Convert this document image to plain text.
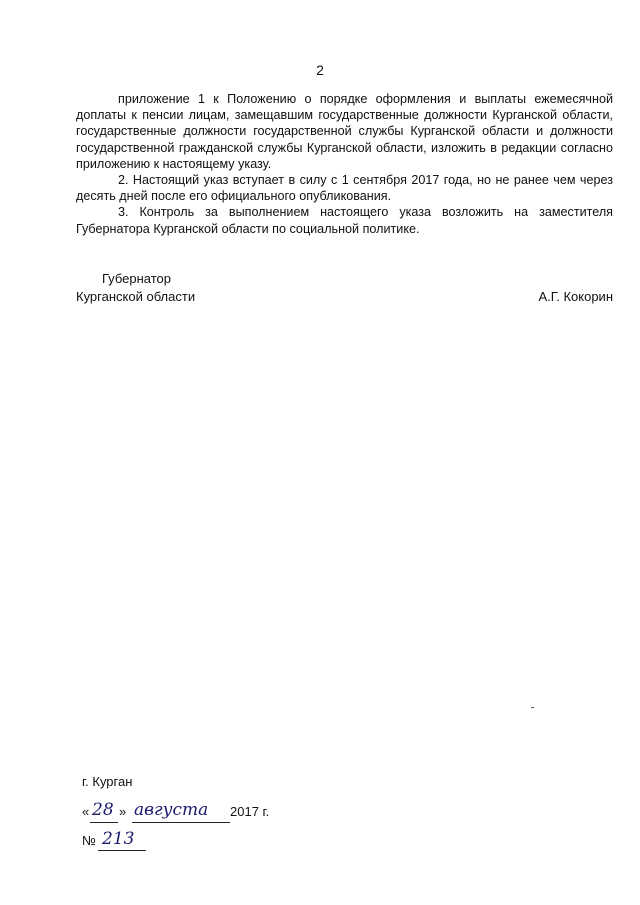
2

приложение 1 к Положению о порядке оформления и выплаты ежемесячной доплаты к пенсии лицам, замещавшим государственные должности Курганской области, государственные должности государственной службы Курганской области и должности государственной гражданской службы Курганской области, изложить в редакции согласно приложению к настоящему указу.

2. Настоящий указ вступает в силу с 1 сентября 2017 года, но не ранее чем через десять дней после его официального опубликования.

3. Контроль за выполнением настоящего указа возложить на заместителя Губернатора Курганской области по социальной политике.

Губернатор
Курганской области	А.Г. Кокорин
г. Курган
« 28 » августа 2017 г.
№ 213
